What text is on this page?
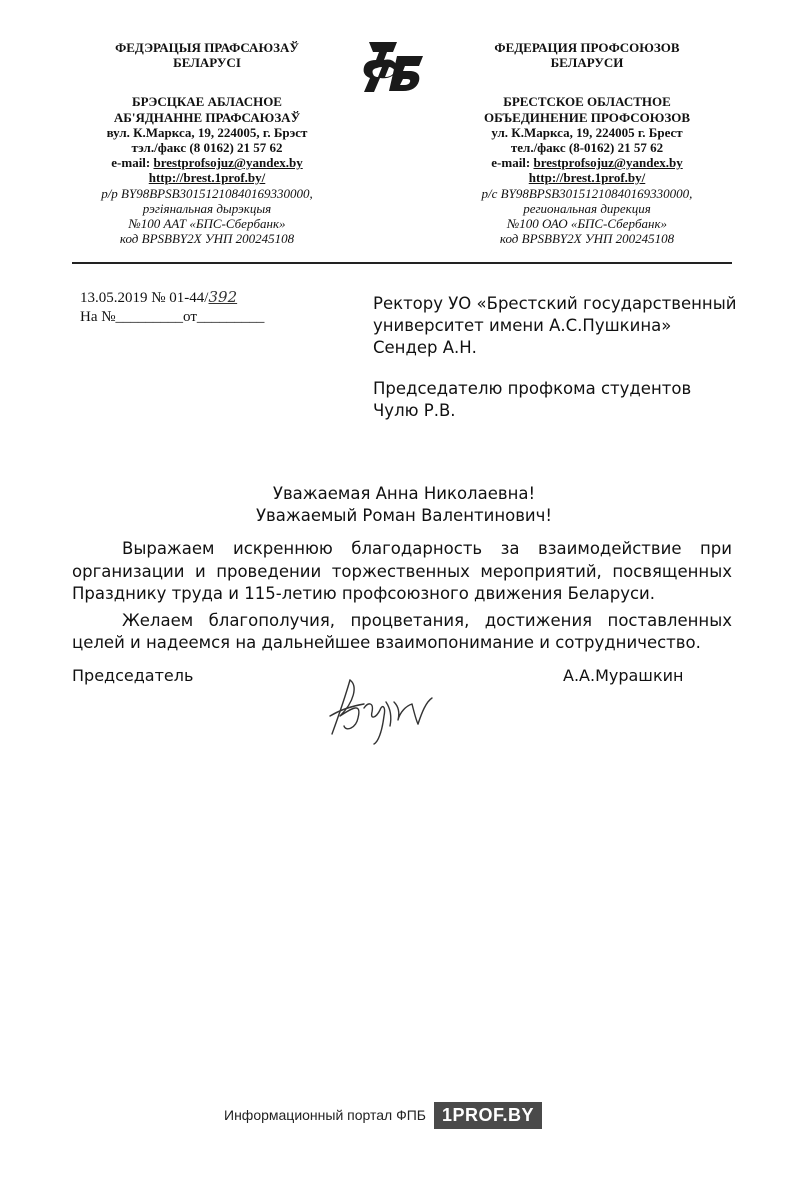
ФЕДЭРАЦЫЯ ПРАФСАЮЗАЎ
БЕЛАРУСІ
БРЭСЦКАЕ АБЛАСНОЕ
АБ'ЯДНАННЕ ПРАФСАЮЗАЎ
вул. К.Маркса, 19, 224005, г. Брэст
тэл./факс (8 0162) 21 57 62
e-mail: brestprofsojuz@yandex.by
http://brest.1prof.by/
р/р BY98BPSB30151210840169330000,
рэгіянальная дырэкцыя
№100 ААТ «БПС-Сбербанк»
код BPSBBY2X УНП 200245108
ФЕДЕРАЦИЯ ПРОФСОЮЗОВ
БЕЛАРУСИ
БРЕСТСКОЕ ОБЛАСТНОЕ
ОБЪЕДИНЕНИЕ ПРОФСОЮЗОВ
ул. К.Маркса, 19, 224005 г. Брест
тел./факс (8-0162) 21 57 62
e-mail: brestprofsojuz@yandex.by
http://brest.1prof.by/
р/с BY98BPSB30151210840169330000,
региональная дирекция
№100 ОАО «БПС-Сбербанк»
код BPSBBY2X УНП 200245108
13.05.2019 № 01-44/392
На №_________от_________

Ректору УО «Брестский государственный

университет имени А.С.Пушкина»

Сендер А.Н.

Председателю профкома студентов

Чулю Р.В.

Уважаемая Анна Николаевна!

Уважаемый Роман Валентинович!

Выражаем искреннюю благодарность за взаимодействие при организации и проведении торжественных мероприятий, посвященных Празднику труда и 115-летию профсоюзного движения Беларуси.

Желаем благополучия, процветания, достижения поставленных целей и надеемся на дальнейшее взаимопонимание и сотрудничество.

Председатель	А.А.Мурашкин
Информационный портал ФПБ 1PROF.BY
